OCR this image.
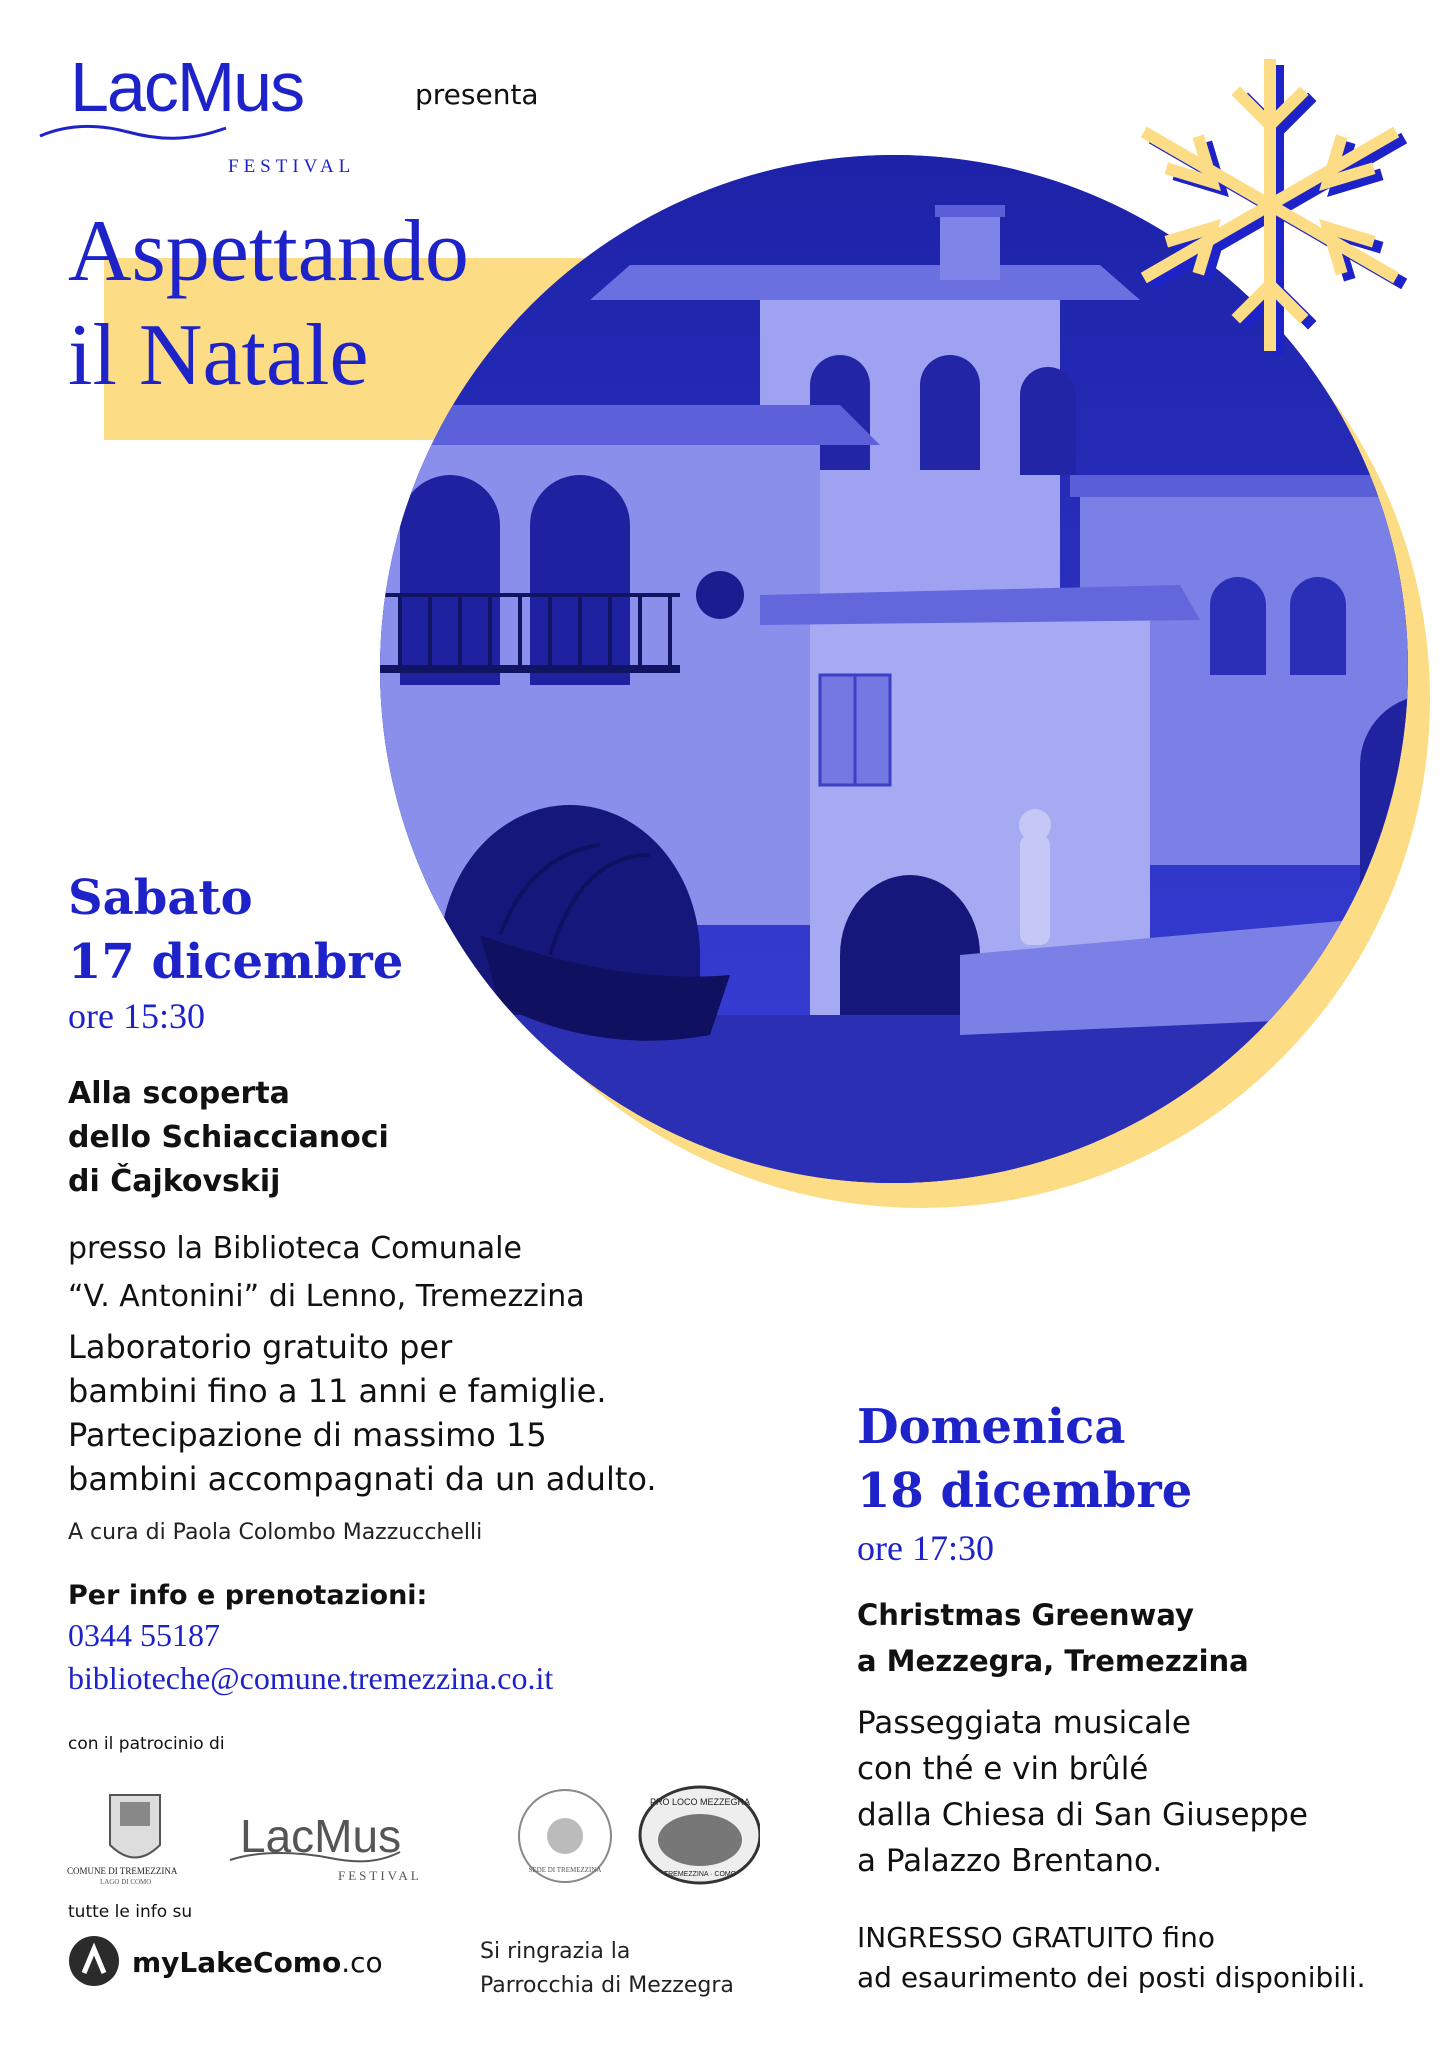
LacMus
FESTIVAL
presenta
Aspettando
il Natale
Sabato
17 dicembre
ore 15:30
Alla scoperta
dello Schiaccianoci
di Čajkovskij
presso la Biblioteca Comunale
“V. Antonini” di Lenno, Tremezzina
Laboratorio gratuito per
bambini fino a 11 anni e famiglie.
Partecipazione di massimo 15
bambini accompagnati da un adulto.
A cura di Paola Colombo Mazzucchelli
Per info e prenotazioni:
0344 55187
biblioteche@comune.tremezzina.co.it
Domenica
18 dicembre
ore 17:30
Christmas Greenway
a Mezzegra, Tremezzina
Passeggiata musicale
con thé e vin brûlé
dalla Chiesa di San Giuseppe
a Palazzo Brentano.
INGRESSO GRATUITO fino
ad esaurimento dei posti disponibili.
con il patrocinio di
COMUNE DI TREMEZZINA
LAGO DI COMO
LacMus
FESTIVAL	SEDE DI TREMEZZINA
PRO LOCO MEZZEGRA
TREMEZZINA · COMO
tutte le info su
myLakeComo.co	Si ringrazia la
Parrocchia di Mezzegra
